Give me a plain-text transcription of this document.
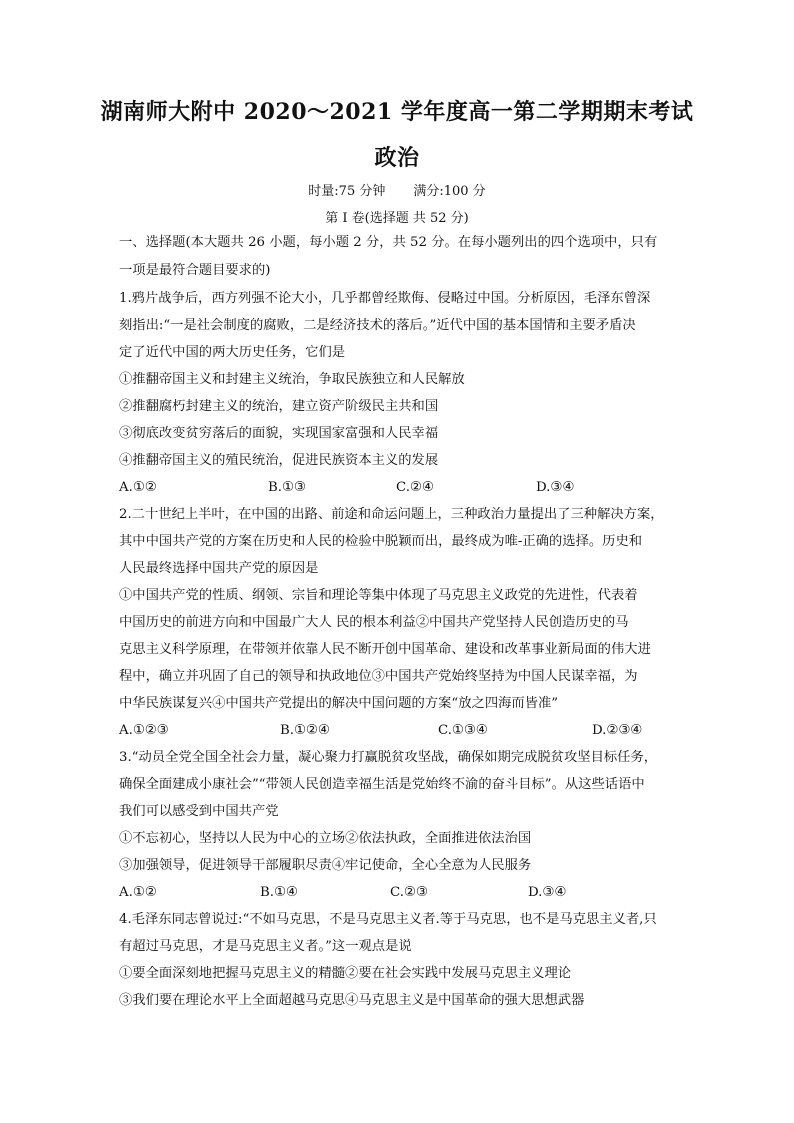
湖南师大附中 2020～2021 学年度高一第二学期期末考试
政治
时量:75 分钟 满分:100 分
第 I 卷(选择题 共 52 分)
一、选择题(本大题共 26 小题，每小题 2 分，共 52 分。在每小题列出的四个选项中，只有
一项是最符合题目要求的)
1.鸦片战争后，西方列强不论大小，几乎都曾经欺侮、侵略过中国。分析原因，毛泽东曾深
刻指出:“一是社会制度的腐败，二是经济技术的落后。”近代中国的基本国情和主要矛盾决
定了近代中国的两大历史任务，它们是
①推翻帝国主义和封建主义统治，争取民族独立和人民解放
②推翻腐朽封建主义的统治，建立资产阶级民主共和国
③彻底改变贫穷落后的面貌，实现国家富强和人民幸福
④推翻帝国主义的殖民统治，促进民族资本主义的发展
A.①②	B.①③	C.②④	D.③④
2.二十世纪上半叶，在中国的出路、前途和命运问题上，三种政治力量提出了三种解决方案，
其中中国共产党的方案在历史和人民的检验中脱颖而出，最终成为唯-正确的选择。历史和
人民最终选择中国共产党的原因是
①中国共产党的性质、纲领、宗旨和理论等集中体现了马克思主义政党的先进性，代表着
中国历史的前进方向和中国最广大人 民的根本利益②中国共产党坚持人民创造历史的马
克思主义科学原理，在带领并依靠人民不断开创中国革命、建设和改革事业新局面的伟大进
程中，确立并巩固了自己的领导和执政地位③中国共产党始终坚持为中国人民谋幸福，为
中华民族谋复兴④中国共产党提出的解决中国问题的方案“放之四海而皆准”
A.①②③	B.①②④	C.①③④	D.②③④
3.“动员全党全国全社会力量，凝心聚力打赢脱贫攻坚战，确保如期完成脱贫攻坚目标任务，
确保全面建成小康社会”“带领人民创造幸福生活是党始终不渝的奋斗目标”。从这些话语中
我们可以感受到中国共产党
①不忘初心，坚持以人民为中心的立场②依法执政，全面推进依法治国
③加强领导，促进领导干部履职尽责④牢记使命，全心全意为人民服务
A.①②	B.①④	C.②③	D.③④
4.毛泽东同志曾说过:“不如马克思，不是马克思主义者.等于马克思，也不是马克思主义者,只
有超过马克思，才是马克思主义者。”这一观点是说
①要全面深刻地把握马克思主义的精髓②要在社会实践中发展马克思主义理论
③我们要在理论水平上全面超越马克思④马克思主义是中国革命的强大思想武器
